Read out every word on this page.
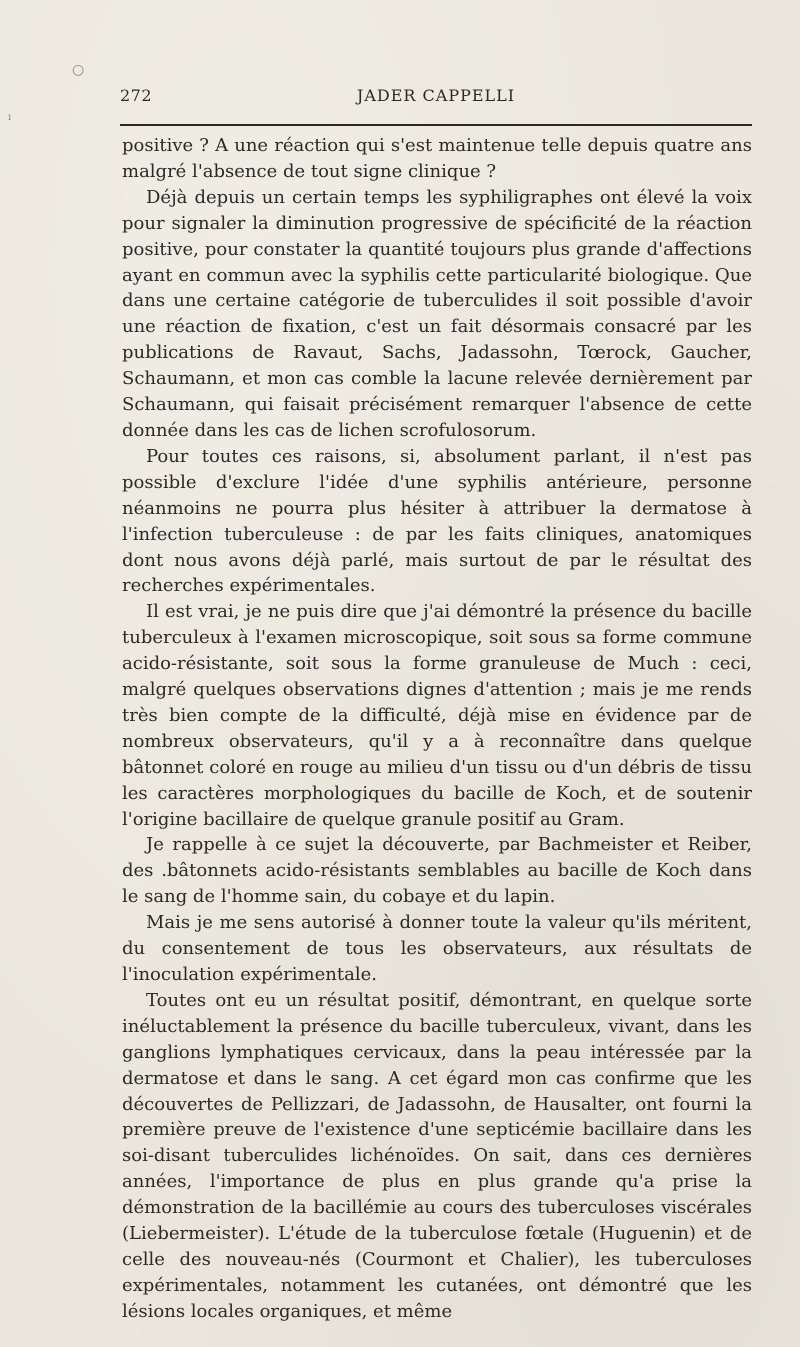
○
ı
272	JADER CAPPELLI

positive ? A une réaction qui s'est maintenue telle depuis quatre ans malgré l'absence de tout signe clinique ?

Déjà depuis un certain temps les syphiligraphes ont élevé la voix pour signaler la diminution progressive de spécificité de la réaction positive, pour constater la quantité toujours plus grande d'affections ayant en commun avec la syphilis cette particularité biologique. Que dans une certaine catégorie de tuberculides il soit possible d'avoir une réaction de fixation, c'est un fait désormais consacré par les publications de Ravaut, Sachs, Jadassohn, Tœrock, Gaucher, Schaumann, et mon cas comble la lacune relevée dernièrement par Schaumann, qui faisait précisément remarquer l'absence de cette donnée dans les cas de lichen scrofulosorum.

Pour toutes ces raisons, si, absolument parlant, il n'est pas possible d'exclure l'idée d'une syphilis antérieure, personne néanmoins ne pourra plus hésiter à attribuer la dermatose à l'infection tuberculeuse : de par les faits cliniques, anatomiques dont nous avons déjà parlé, mais surtout de par le résultat des recherches expérimentales.

Il est vrai, je ne puis dire que j'ai démontré la présence du bacille tuberculeux à l'examen microscopique, soit sous sa forme commune acido-résistante, soit sous la forme granuleuse de Much : ceci, malgré quelques observations dignes d'attention ; mais je me rends très bien compte de la difficulté, déjà mise en évidence par de nombreux observateurs, qu'il y a à reconnaître dans quelque bâtonnet coloré en rouge au milieu d'un tissu ou d'un débris de tissu les caractères morphologiques du bacille de Koch, et de soutenir l'origine bacillaire de quelque granule positif au Gram.

Je rappelle à ce sujet la découverte, par Bachmeister et Reiber, des .bâtonnets acido-résistants semblables au bacille de Koch dans le sang de l'homme sain, du cobaye et du lapin.

Mais je me sens autorisé à donner toute la valeur qu'ils méritent, du consentement de tous les observateurs, aux résultats de l'inoculation expérimentale.

Toutes ont eu un résultat positif, démontrant, en quelque sorte inéluctablement la présence du bacille tuberculeux, vivant, dans les ganglions lymphatiques cervicaux, dans la peau intéressée par la dermatose et dans le sang. A cet égard mon cas confirme que les découvertes de Pellizzari, de Jadassohn, de Hausalter, ont fourni la première preuve de l'existence d'une septicémie bacillaire dans les soi-disant tuberculides lichénoïdes. On sait, dans ces dernières années, l'importance de plus en plus grande qu'a prise la démonstration de la bacillémie au cours des tuberculoses viscérales (Liebermeister). L'étude de la tuberculose fœtale (Huguenin) et de celle des nouveau-nés (Courmont et Chalier), les tuberculoses expérimentales, notamment les cutanées, ont démontré que les lésions locales organiques, et même
